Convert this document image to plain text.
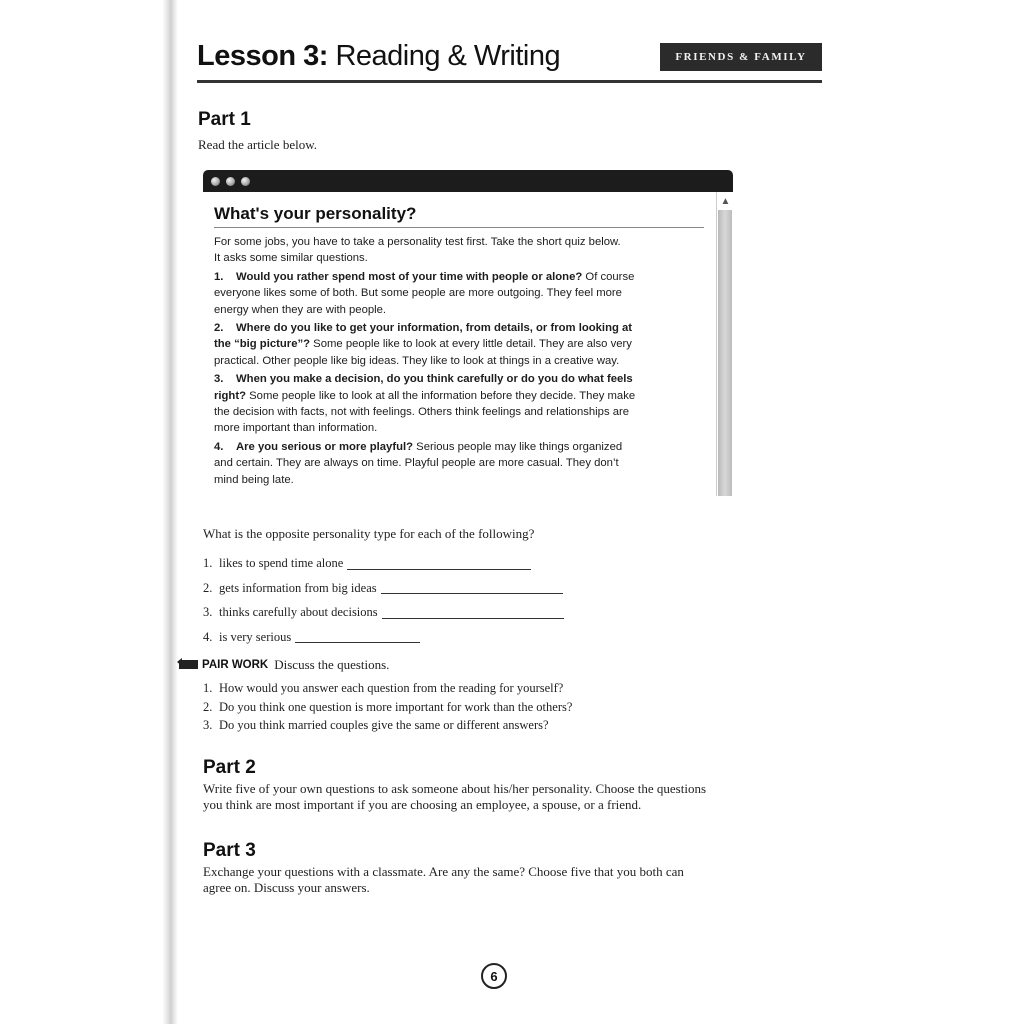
Lesson 3: Reading & Writing	FRIENDS & FAMILY
Part 1
Read the article below.
What's your personality?

For some jobs, you have to take a personality test first. Take the short quiz below.
It asks some similar questions.

1. Would you rather spend most of your time with people or alone? Of course everyone likes some of both. But some people are more outgoing. They feel more energy when they are with people.

2. Where do you like to get your information, from details, or from looking at the “big picture”? Some people like to look at every little detail. They are also very practical. Other people like big ideas. They like to look at things in a creative way.

3. When you make a decision, do you think carefully or do you do what feels right? Some people like to look at all the information before they decide. They make the decision with facts, not with feelings. Others think feelings and relationships are more important than information.

4. Are you serious or more playful? Serious people may like things organized and certain. They are always on time. Playful people are more casual. They don’t mind being late.

▲
What is the opposite personality type for each of the following?
1. likes to spend time alone
2. gets information from big ideas
3. thinks carefully about decisions
4. is very serious
PAIR WORK Discuss the questions.
1. How would you answer each question from the reading for yourself?
2. Do you think one question is more important for work than the others?
3. Do you think married couples give the same or different answers?
Part 2
Write five of your own questions to ask someone about his/her personality. Choose the questions
you think are most important if you are choosing an employee, a spouse, or a friend.
Part 3
Exchange your questions with a classmate. Are any the same? Choose five that you both can
agree on. Discuss your answers.
6
